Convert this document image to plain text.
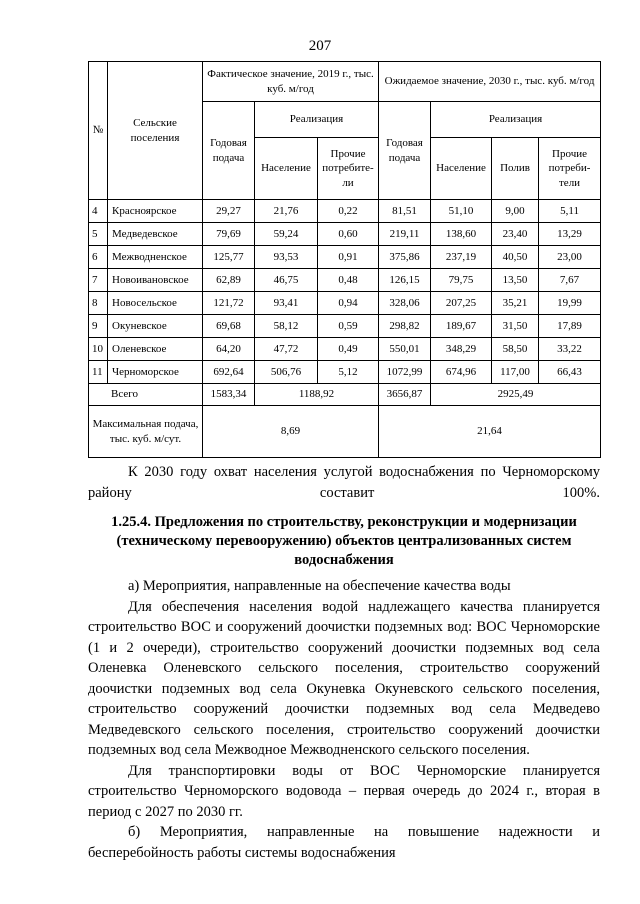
207
№	Сельские поселения	Фактическое значение, 2019 г., тыс. куб. м/год			Ожидаемое значение, 2030 г., тыс. куб. м/год			
		Годовая подача	Реализация		Годовая подача	Реализация		
			Население	Прочие потребите-ли		Население	Полив	Прочие потреби-тели
4	Красноярское	29,27	21,76	0,22	81,51	51,10	9,00	5,11
5	Медведевское	79,69	59,24	0,60	219,11	138,60	23,40	13,29
6	Межводненское	125,77	93,53	0,91	375,86	237,19	40,50	23,00
7	Новоивановское	62,89	46,75	0,48	126,15	79,75	13,50	7,67
8	Новосельское	121,72	93,41	0,94	328,06	207,25	35,21	19,99
9	Окуневское	69,68	58,12	0,59	298,82	189,67	31,50	17,89
10	Оленевское	64,20	47,72	0,49	550,01	348,29	58,50	33,22
11	Черноморское	692,64	506,76	5,12	1072,99	674,96	117,00	66,43
Всего		1583,34	1188,92		3656,87	2925,49		
Максимальная подача, тыс. куб. м/сут.		8,69			21,64			

К 2030 году охват населения услугой водоснабжения по Черноморскому району составит 100%.

1.25.4. Предложения по строительству, реконструкции и модернизации (техническому перевооружению) объектов централизованных систем водоснабжения

а) Мероприятия, направленные на обеспечение качества воды

Для обеспечения населения водой надлежащего качества планируется строительство ВОС и сооружений доочистки подземных вод: ВОС Черноморские (1 и 2 очереди), строительство сооружений доочистки подземных вод села Оленевка Оленевского сельского поселения, строительство сооружений доочистки подземных вод села Окуневка Окуневского сельского поселения, строительство сооружений доочистки подземных вод села Медведево Медведевского сельского поселения, строительство сооружений доочистки подземных вод села Межводное Межводненского сельского поселения.

Для транспортировки воды от ВОС Черноморские планируется строительство Черноморского водовода – первая очередь до 2024 г., вторая в период с 2027 по 2030 гг.

б) Мероприятия, направленные на повышение надежности и бесперебойность работы системы водоснабжения
